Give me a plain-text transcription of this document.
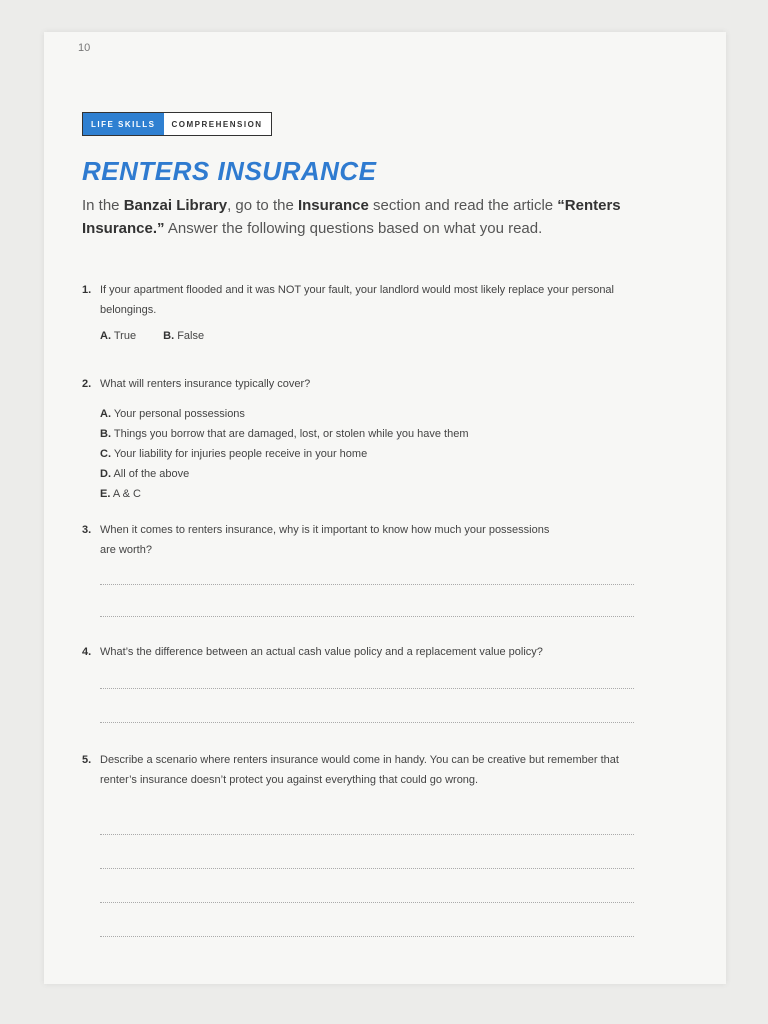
10
LIFE SKILLS	COMPREHENSION
RENTERS INSURANCE

In the Banzai Library, go to the Insurance section and read the article “Renters Insurance.” Answer the following questions based on what you read.

1. If your apartment flooded and it was NOT your fault, your landlord would most likely replace your personal belongings.
A. True B. False
2. What will renters insurance typically cover?
A. Your personal possessions
B. Things you borrow that are damaged, lost, or stolen while you have them
C. Your liability for injuries people receive in your home
D. All of the above
E. A & C
3. When it comes to renters insurance, why is it important to know how much your possessions are worth?
4. What’s the difference between an actual cash value policy and a replacement value policy?
5. Describe a scenario where renters insurance would come in handy. You can be creative but remember that renter’s insurance doesn’t protect you against everything that could go wrong.
